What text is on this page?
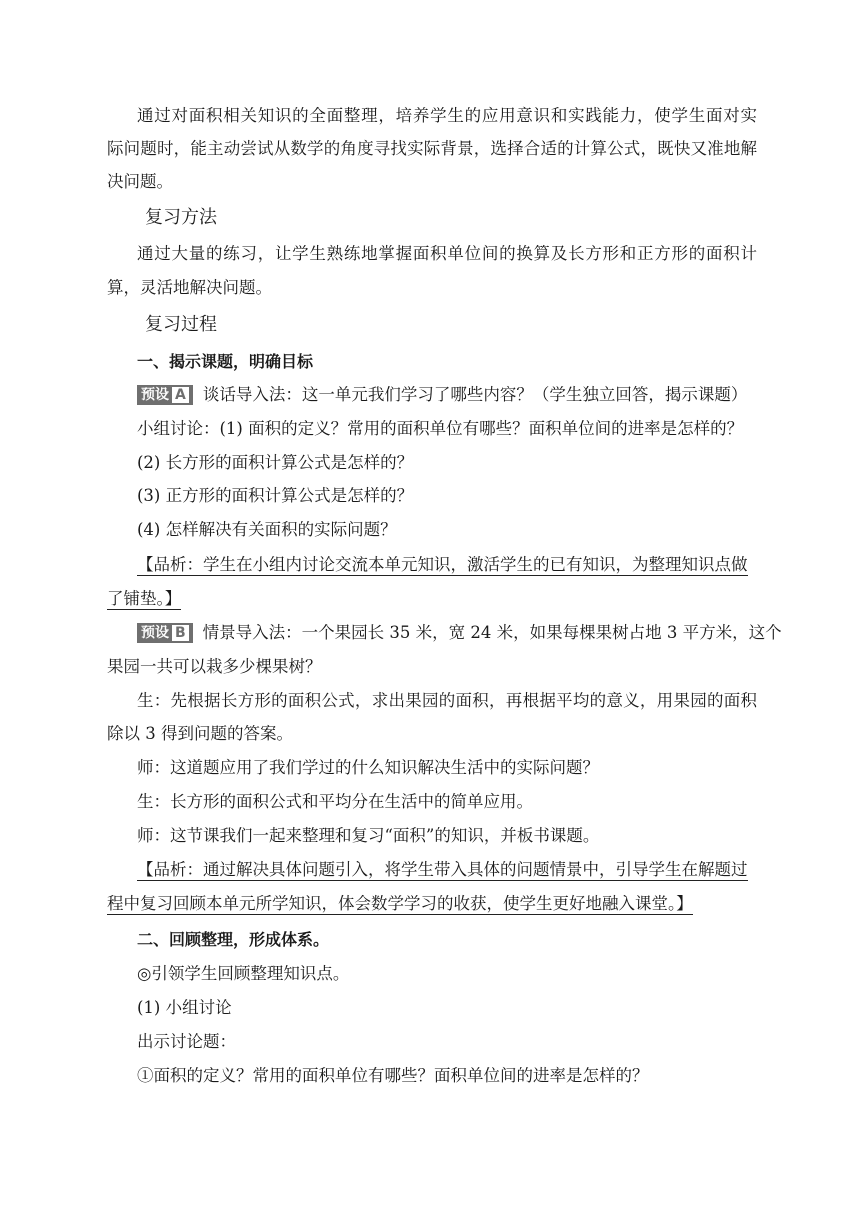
通过对面积相关知识的全面整理，培养学生的应用意识和实践能力，使学生面对实
际问题时，能主动尝试从数学的角度寻找实际背景，选择合适的计算公式，既快又准地解
决问题。
复习方法
通过大量的练习，让学生熟练地掌握面积单位间的换算及长方形和正方形的面积计
算，灵活地解决问题。
复习过程
一、揭示课题，明确目标
预设 A 谈话导入法：这一单元我们学习了哪些内容？（学生独立回答，揭示课题）
小组讨论：(1) 面积的定义？常用的面积单位有哪些？面积单位间的进率是怎样的？
(2) 长方形的面积计算公式是怎样的？
(3) 正方形的面积计算公式是怎样的？
(4) 怎样解决有关面积的实际问题？
【品析：学生在小组内讨论交流本单元知识，激活学生的已有知识，为整理知识点做
了铺垫。】
预设 B 情景导入法：一个果园长 35 米，宽 24 米，如果每棵果树占地 3 平方米，这个
果园一共可以栽多少棵果树？
生：先根据长方形的面积公式，求出果园的面积，再根据平均的意义，用果园的面积
除以 3 得到问题的答案。
师：这道题应用了我们学过的什么知识解决生活中的实际问题？
生：长方形的面积公式和平均分在生活中的简单应用。
师：这节课我们一起来整理和复习“面积”的知识，并板书课题。
【品析：通过解决具体问题引入，将学生带入具体的问题情景中，引导学生在解题过
程中复习回顾本单元所学知识，体会数学学习的收获，使学生更好地融入课堂。】
二、回顾整理，形成体系。
◎引领学生回顾整理知识点。
(1) 小组讨论
出示讨论题：
①面积的定义？常用的面积单位有哪些？面积单位间的进率是怎样的？
